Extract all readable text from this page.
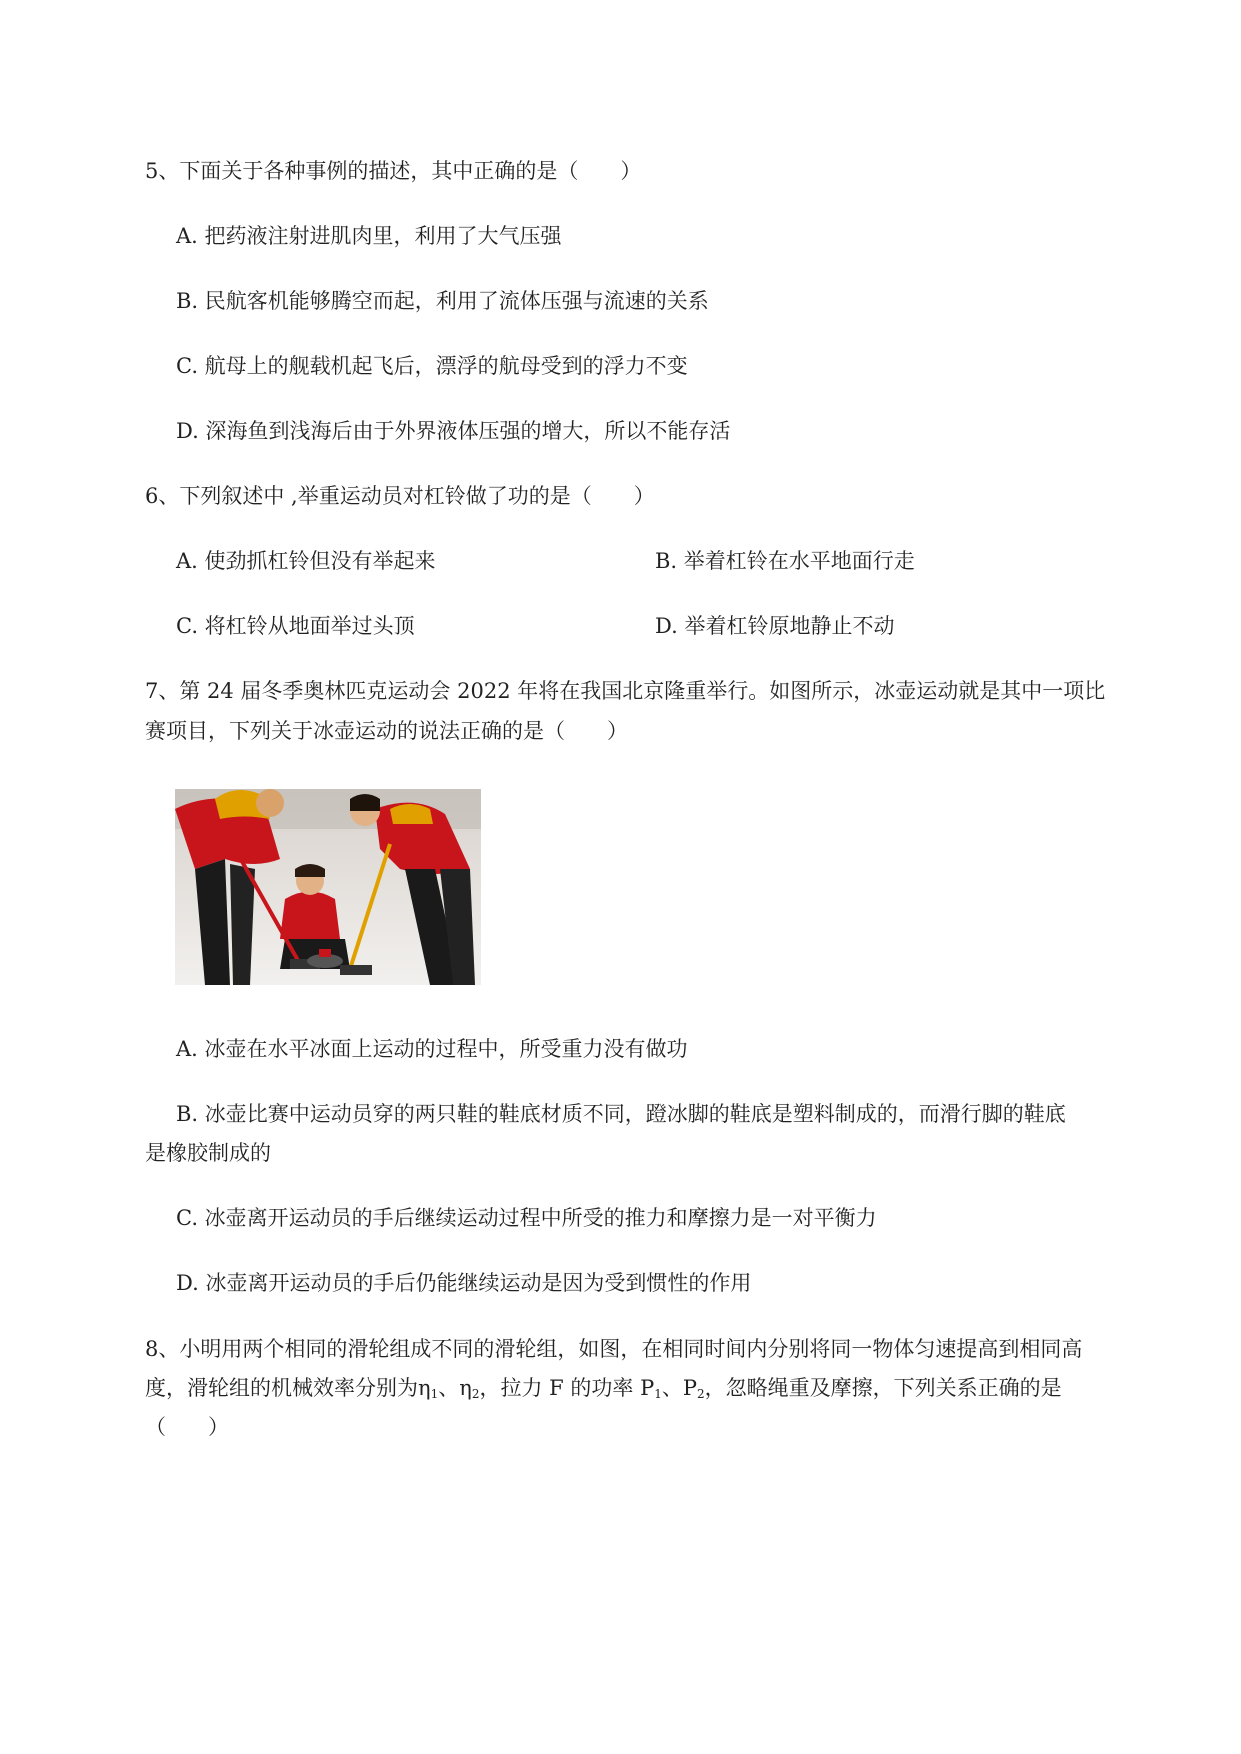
5、下面关于各种事例的描述，其中正确的是（　　）
A. 把药液注射进肌肉里，利用了大气压强
B. 民航客机能够腾空而起，利用了流体压强与流速的关系
C. 航母上的舰载机起飞后，漂浮的航母受到的浮力不变
D. 深海鱼到浅海后由于外界液体压强的增大，所以不能存活
6、下列叙述中 ,举重运动员对杠铃做了功的是（　　）
A. 使劲抓杠铃但没有举起来	B. 举着杠铃在水平地面行走
C. 将杠铃从地面举过头顶	D. 举着杠铃原地静止不动
7、第 24 届冬季奥林匹克运动会 2022 年将在我国北京隆重举行。如图所示，冰壶运动就是其中一项比
赛项目，下列关于冰壶运动的说法正确的是（　　）
A. 冰壶在水平冰面上运动的过程中，所受重力没有做功
B. 冰壶比赛中运动员穿的两只鞋的鞋底材质不同，蹬冰脚的鞋底是塑料制成的，而滑行脚的鞋底
是橡胶制成的
C. 冰壶离开运动员的手后继续运动过程中所受的推力和摩擦力是一对平衡力
D. 冰壶离开运动员的手后仍能继续运动是因为受到惯性的作用
8、小明用两个相同的滑轮组成不同的滑轮组，如图，在相同时间内分别将同一物体匀速提高到相同高
度，滑轮组的机械效率分别为$\eta_1$、$\eta_2$，拉力 F 的功率 $P_1$、$P_2$，忽略绳重及摩擦，下列关系正确的是
（　　）
